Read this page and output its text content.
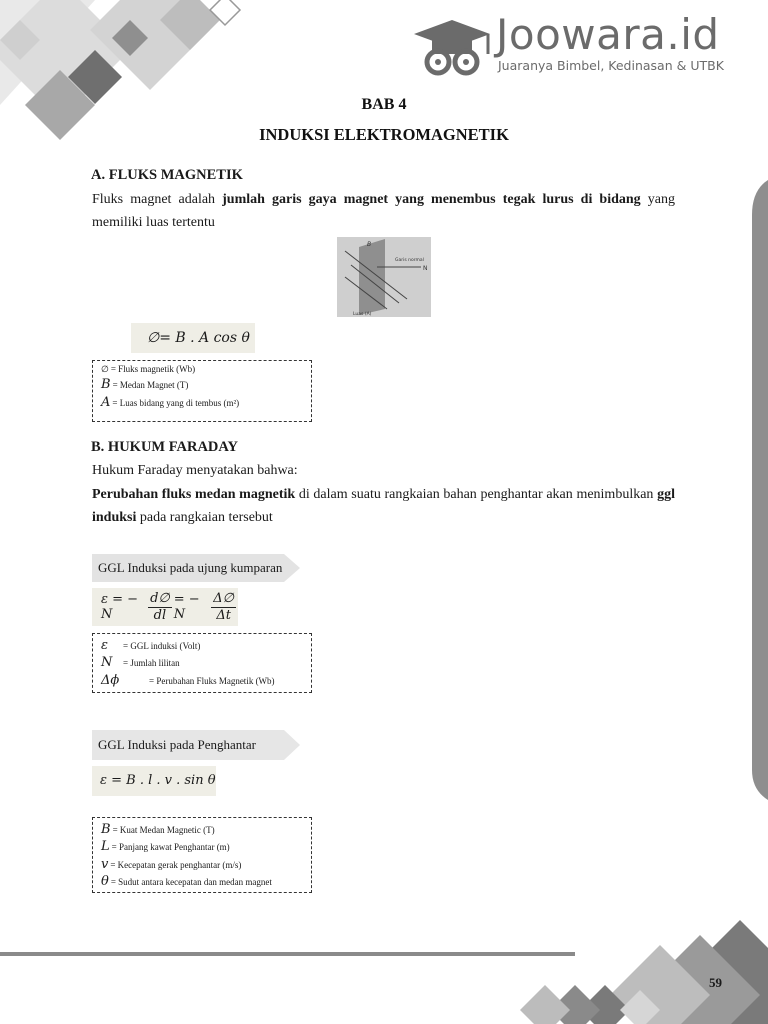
Joowara.id
Juaranya Bimbel, Kedinasan & UTBK
BAB 4
INDUKSI ELEKTROMAGNETIK
A. FLUKS MAGNETIK
Fluks magnet adalah jumlah garis gaya magnet yang menembus tegak lurus di bidang yang memiliki luas tertentu
B
Garis normal
N
Luas (A)
∅= B . A cos θ
∅ = Fluks magnetik (Wb)
B = Medan Magnet (T)
A = Luas bidang yang di tembus (m²)
B. HUKUM FARADAY
Hukum Faraday menyatakan bahwa:
Perubahan fluks medan magnetik di dalam suatu rangkaian bahan penghantar akan menimbulkan ggl induksi pada rangkaian tersebut
GGL Induksi pada ujung kumparan
ε = − N	$\frac{d\emptyset}{dl}$ = − N	$\frac{\Delta\emptyset}{\Delta t}$
ε = GGL induksi (Volt)
N = Jumlah lilitan
Δϕ	= Perubahan Fluks Magnetik (Wb)
GGL Induksi pada Penghantar
ε = B . l . v . sin θ
B = Kuat Medan Magnetic (T)
L = Panjang kawat Penghantar (m)
v = Kecepatan gerak penghantar (m/s)
θ = Sudut antara kecepatan dan medan magnet
59
